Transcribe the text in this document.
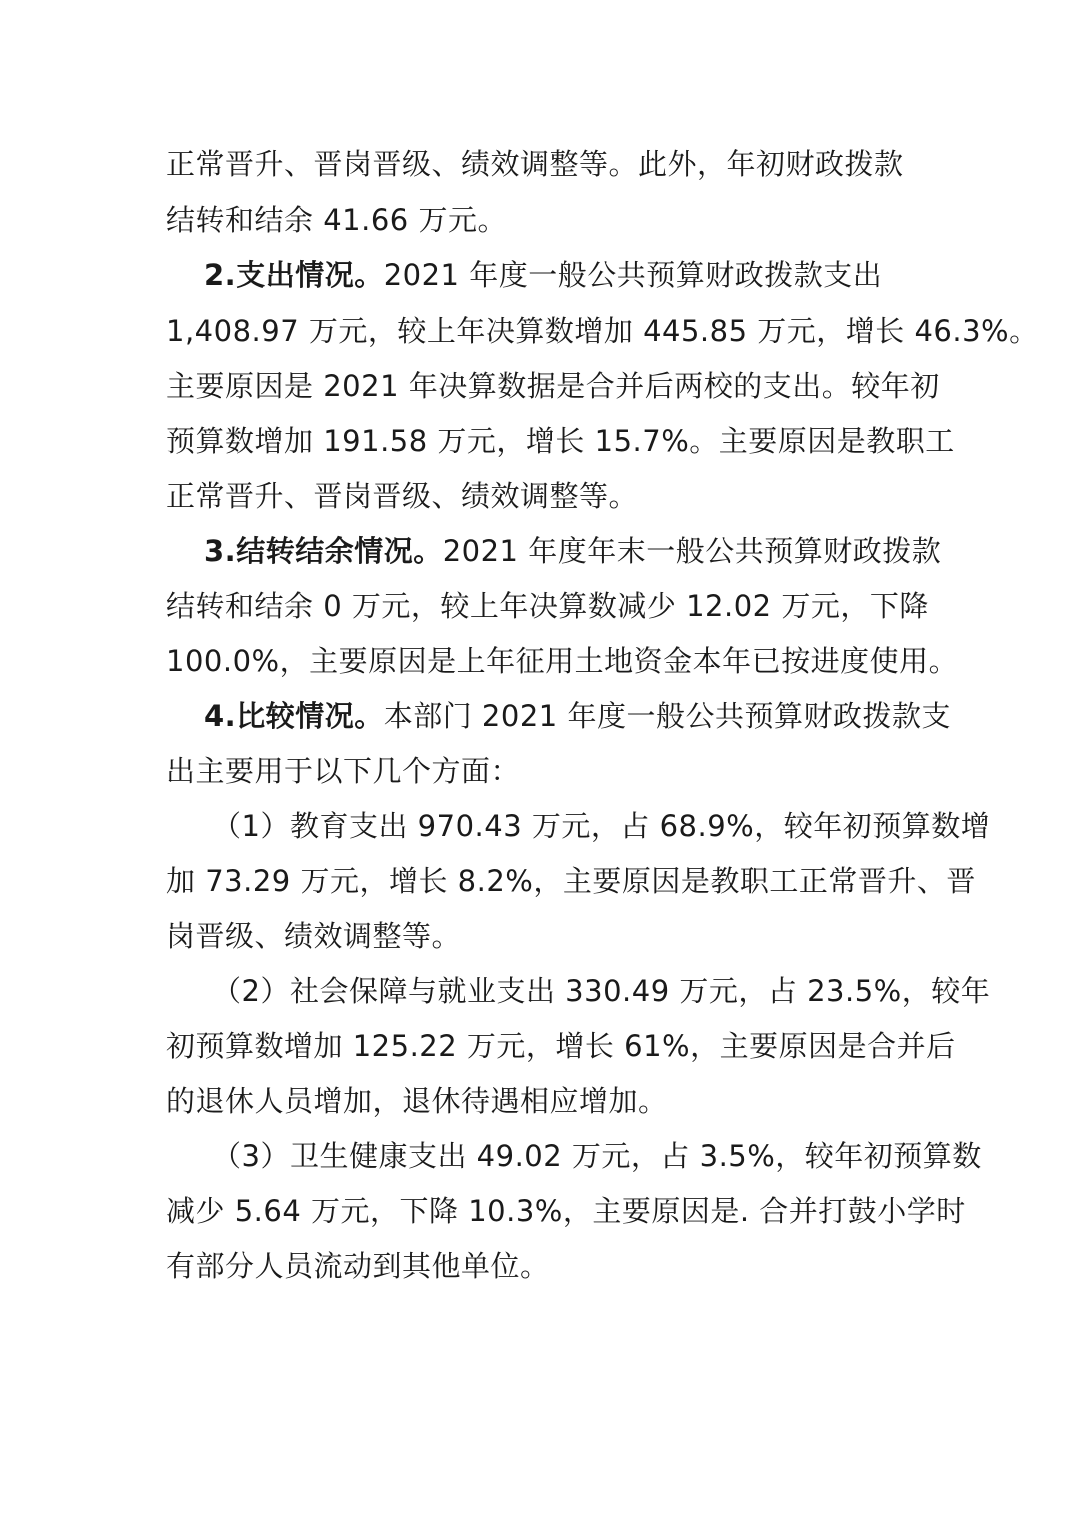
正常晋升、晋岗晋级、绩效调整等。此外，年初财政拨款
结转和结余 41.66 万元。
2.支出情况。2021 年度一般公共预算财政拨款支出
1,408.97 万元，较上年决算数增加 445.85 万元，增长 46.3%。
主要原因是 2021 年决算数据是合并后两校的支出。较年初
预算数增加 191.58 万元，增长 15.7%。主要原因是教职工
正常晋升、晋岗晋级、绩效调整等。
3.结转结余情况。2021 年度年末一般公共预算财政拨款
结转和结余 0 万元，较上年决算数减少 12.02 万元，下降
100.0%，主要原因是上年征用土地资金本年已按进度使用。
4.比较情况。本部门 2021 年度一般公共预算财政拨款支
出主要用于以下几个方面：
（1）教育支出 970.43 万元，占 68.9%，较年初预算数增
加 73.29 万元，增长 8.2%，主要原因是教职工正常晋升、晋
岗晋级、绩效调整等。
（2）社会保障与就业支出 330.49 万元，占 23.5%，较年
初预算数增加 125.22 万元，增长 61%，主要原因是合并后
的退休人员增加，退休待遇相应增加。
（3）卫生健康支出 49.02 万元，占 3.5%，较年初预算数
减少 5.64 万元，下降 10.3%，主要原因是. 合并打鼓小学时
有部分人员流动到其他单位。
